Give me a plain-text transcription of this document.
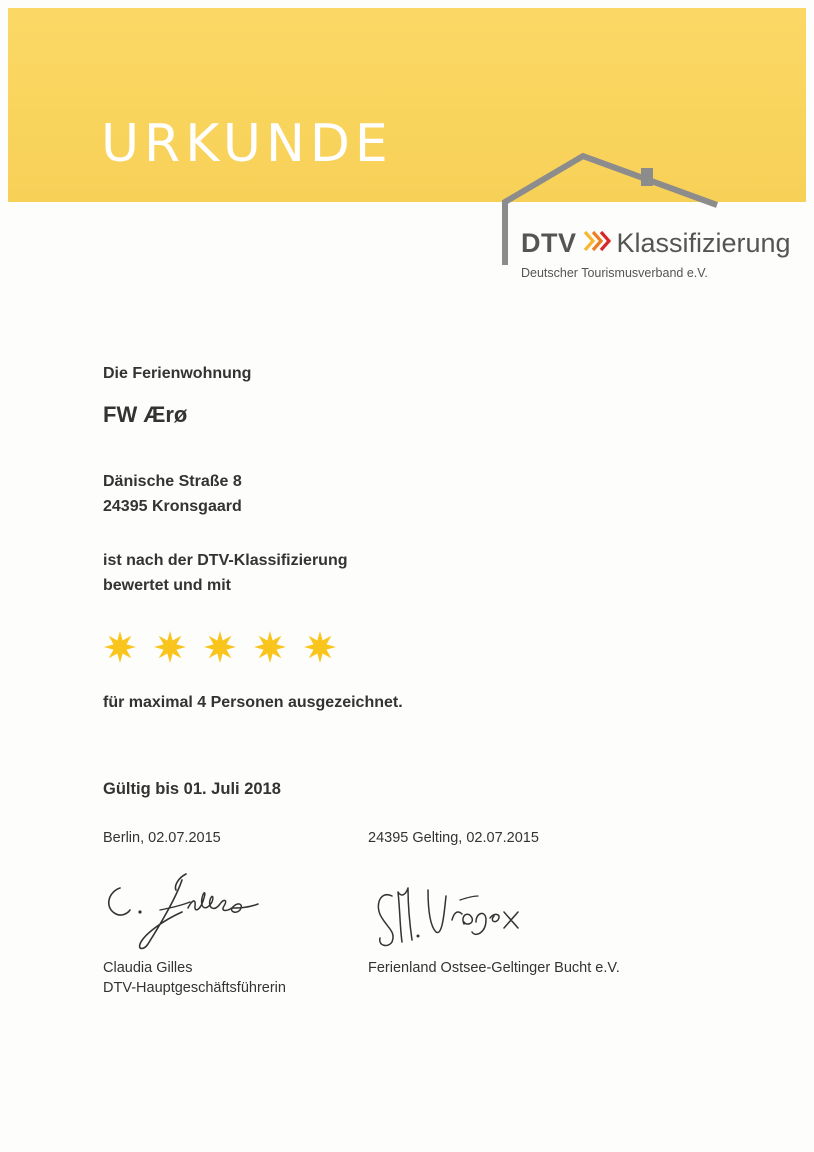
URKUNDE
DTV Klassifizierung
Deutscher Tourismusverband e.V.
Die Ferienwohnung
FW Ærø
Dänische Straße 8
24395 Kronsgaard
ist nach der DTV-Klassifizierung
bewertet und mit
für maximal 4 Personen ausgezeichnet.
Gültig bis 01. Juli 2018
Berlin, 02.07.2015	24395 Gelting, 02.07.2015
Claudia Gilles
DTV-Hauptgeschäftsführerin
Ferienland Ostsee-Geltinger Bucht e.V.
